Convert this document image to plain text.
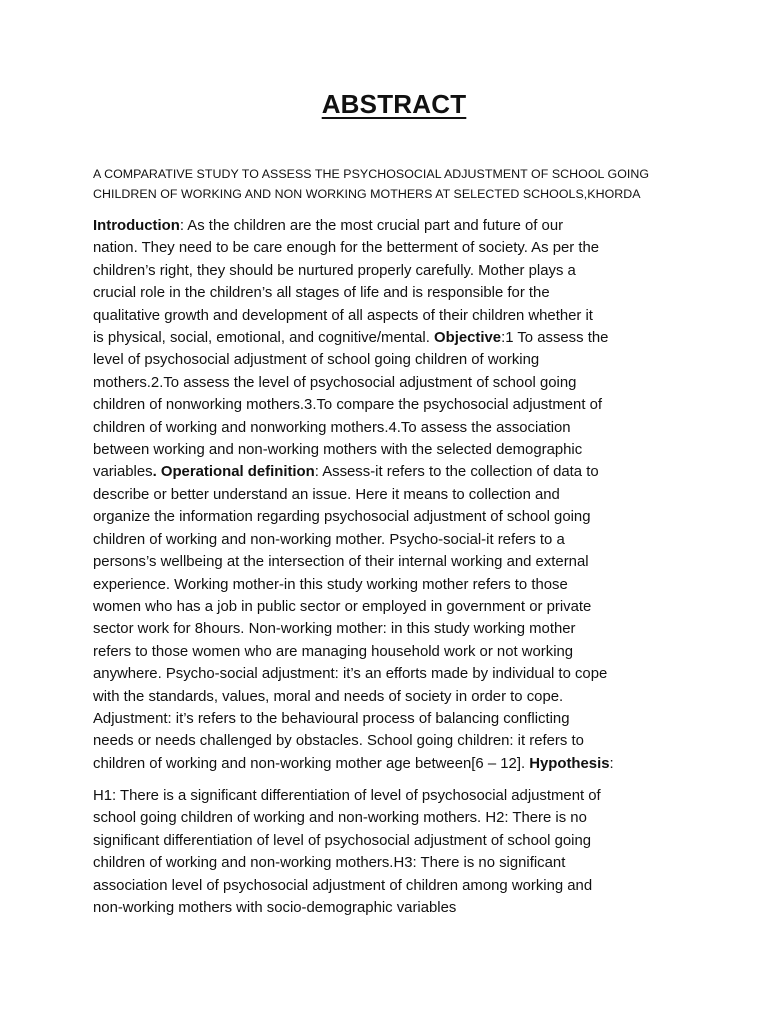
ABSTRACT
A COMPARATIVE STUDY TO ASSESS THE PSYCHOSOCIAL ADJUSTMENT OF SCHOOL GOING
CHILDREN OF WORKING AND NON WORKING MOTHERS AT SELECTED SCHOOLS,KHORDA
Introduction: As the children are the most crucial part and future of our
nation. They need to be care enough for the betterment of society. As per the
children’s right, they should be nurtured properly carefully. Mother plays a
crucial role in the children’s all stages of life and is responsible for the
qualitative growth and development of all aspects of their children whether it
is physical, social, emotional, and cognitive/mental. Objective:1 To assess the
level of psychosocial adjustment of school going children of working
mothers.2.To assess the level of psychosocial adjustment of school going
children of nonworking mothers.3.To compare the psychosocial adjustment of
children of working and nonworking mothers.4.To assess the association
between working and non-working mothers with the selected demographic
variables. Operational definition: Assess-it refers to the collection of data to
describe or better understand an issue. Here it means to collection and
organize the information regarding psychosocial adjustment of school going
children of working and non-working mother. Psycho-social-it refers to a
persons’s wellbeing at the intersection of their internal working and external
experience. Working mother-in this study working mother refers to those
women who has a job in public sector or employed in government or private
sector work for 8hours. Non-working mother: in this study working mother
refers to those women who are managing household work or not working
anywhere. Psycho-social adjustment: it’s an efforts made by individual to cope
with the standards, values, moral and needs of society in order to cope.
Adjustment: it’s refers to the behavioural process of balancing conflicting
needs or needs challenged by obstacles. School going children: it refers to
children of working and non-working mother age between[6 – 12]. Hypothesis:
H1: There is a significant differentiation of level of psychosocial adjustment of
school going children of working and non-working mothers. H2: There is no
significant differentiation of level of psychosocial adjustment of school going
children of working and non-working mothers.H3: There is no significant
association level of psychosocial adjustment of children among working and
non-working mothers with socio-demographic variables
